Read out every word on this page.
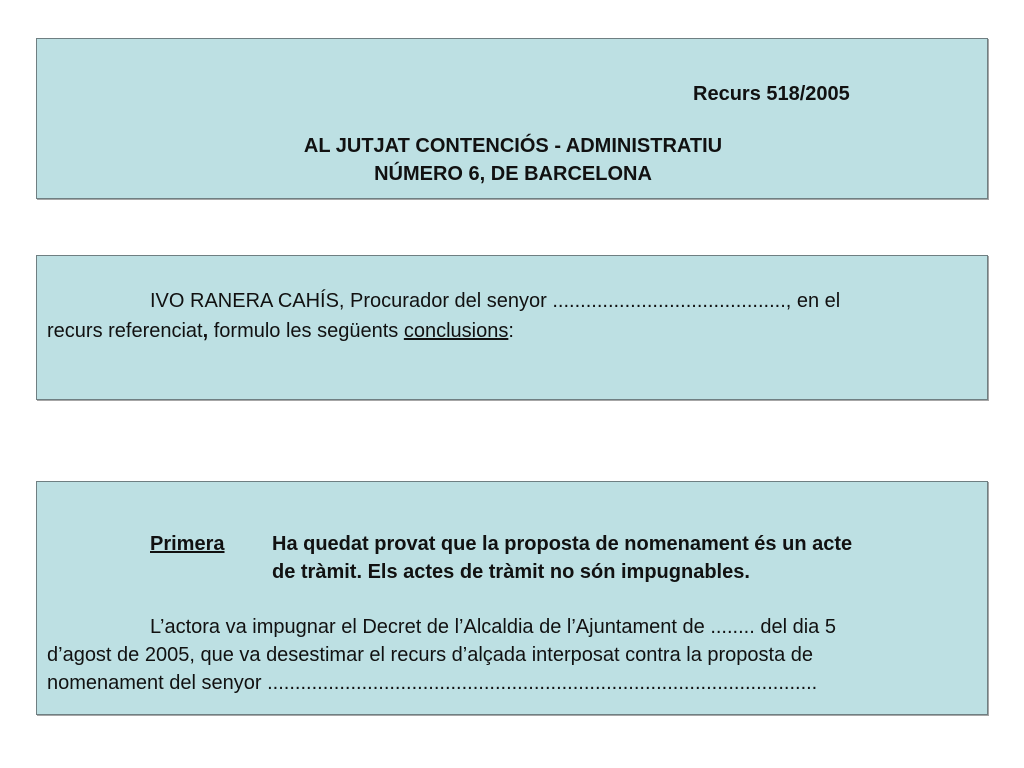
Recurs 518/2005
AL JUTJAT CONTENCIÓS - ADMINISTRATIU
NÚMERO 6, DE BARCELONA
IVO RANERA CAHÍS, Procurador del senyor .........................................., en el
recurs referenciat, formulo les següents conclusions:
Primera Ha quedat provat que la proposta de nomenament és un acte
de tràmit. Els actes de tràmit no són impugnables.
L’actora va impugnar el Decret de l’Alcaldia de l’Ajuntament de ........ del dia 5
d’agost de 2005, que va desestimar el recurs d’alçada interposat contra la proposta de
nomenament del senyor ...................................................................................................
